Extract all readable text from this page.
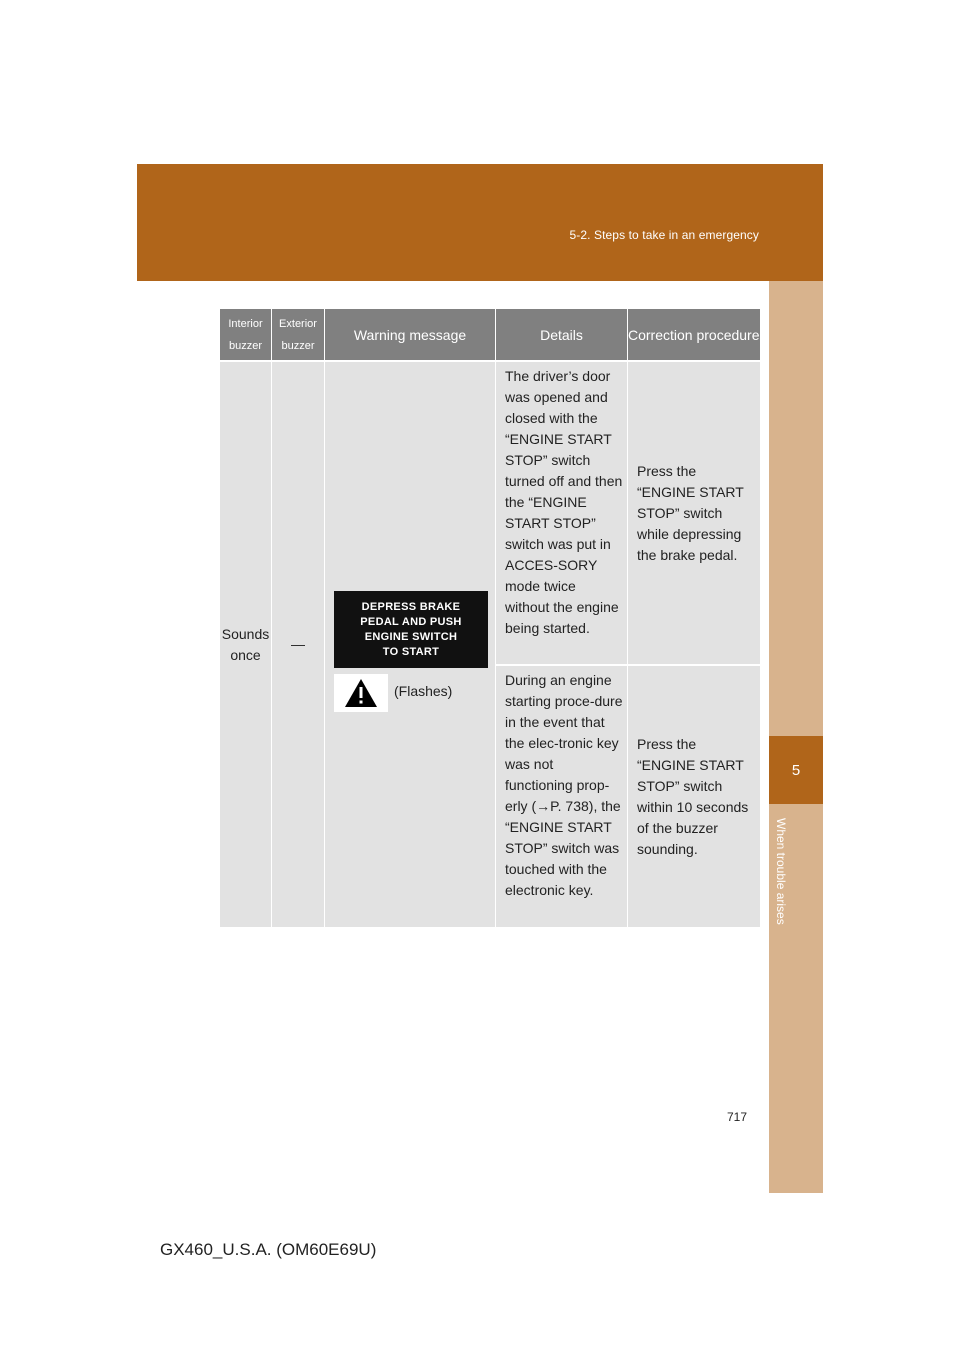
5-2. Steps to take in an emergency
5
When trouble arises
Interior buzzer	Exterior buzzer	Warning message	Details	Correction procedure
Sounds once	—	DEPRESS BRAKE
PEDAL AND PUSH
ENGINE SWITCH
TO START
(Flashes)	The driver’s door was opened and closed with the “ENGINE START STOP” switch turned off and then the “ENGINE START STOP” switch was put in ACCES-SORY mode twice without the engine being started.	Press the “ENGINE START STOP” switch while depressing the brake pedal.
			During an engine starting proce-dure in the event that the elec-tronic key was not functioning prop-erly (→P. 738), the “ENGINE START STOP” switch was touched with the electronic key.	Press the “ENGINE START STOP” switch within 10 seconds of the buzzer sounding.
717
GX460_U.S.A. (OM60E69U)
